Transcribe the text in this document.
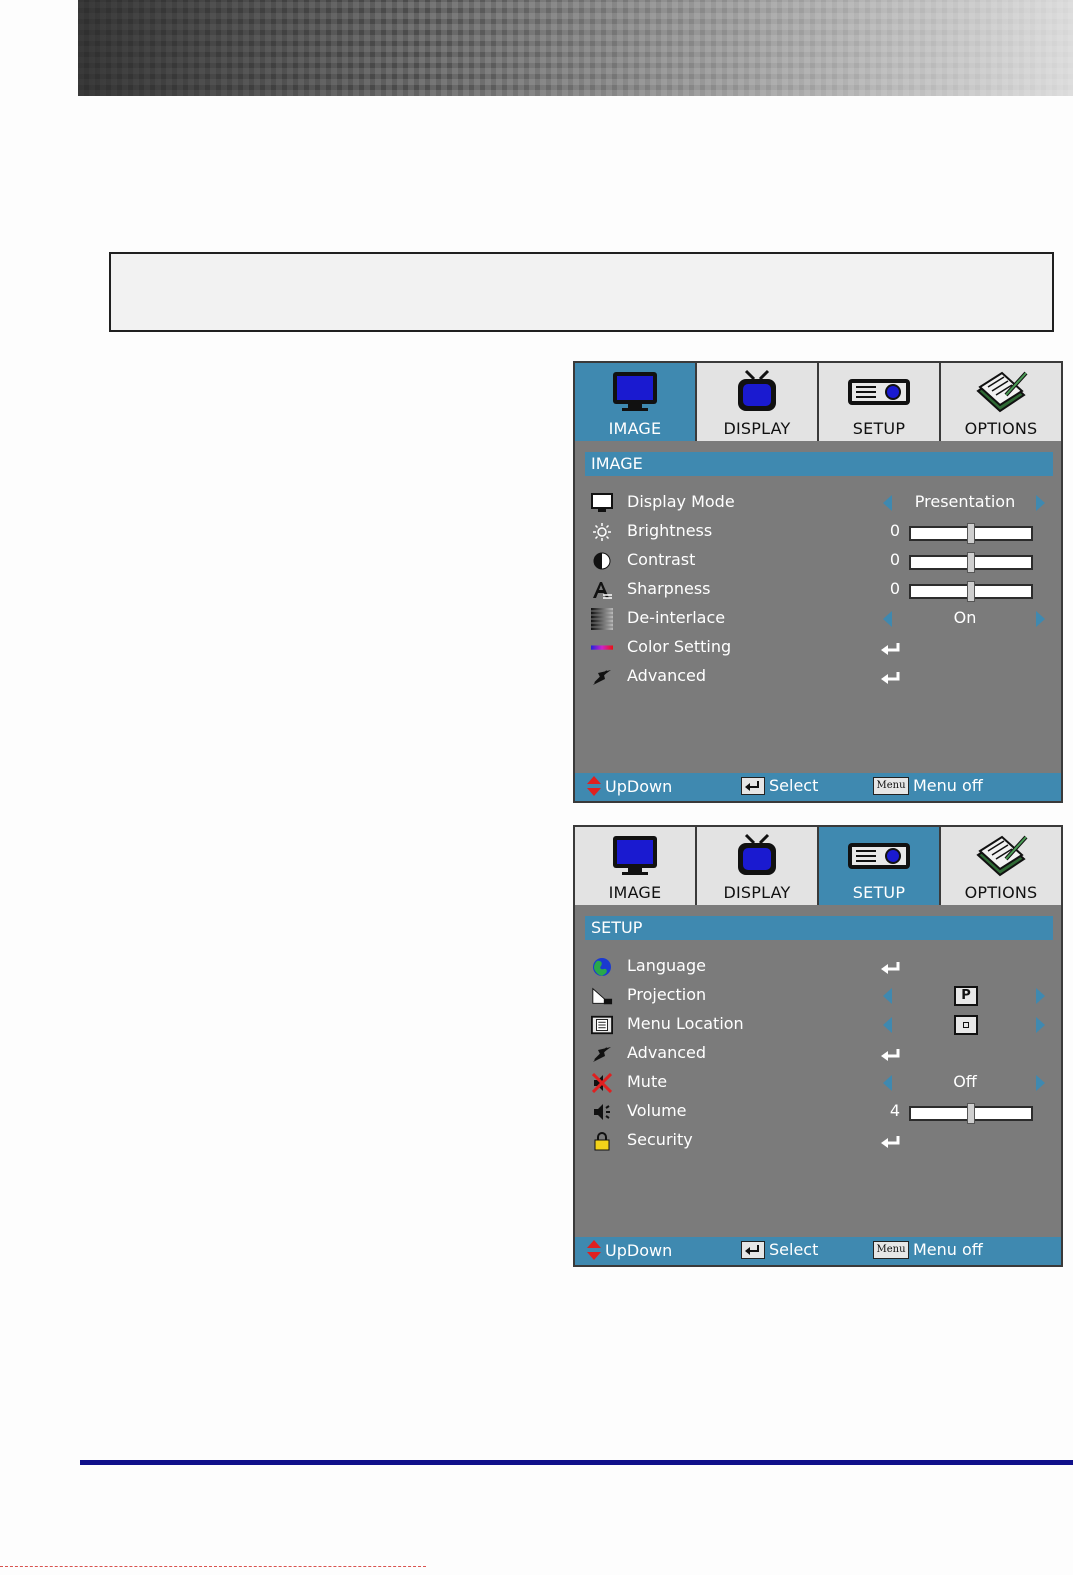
IMAGE	DISPLAY	SETUP	OPTIONS
IMAGE
Display Mode	Presentation
Brightness	0
Contrast	0
Sharpness	0
De-interlace	On
Color Setting
Advanced
UpDown	Select	Menu Menu off
IMAGE	DISPLAY	SETUP	OPTIONS
SETUP
Language
Projection	P
Menu Location
Advanced
Mute	Off
Volume	4
Security
UpDown	Select	Menu Menu off
